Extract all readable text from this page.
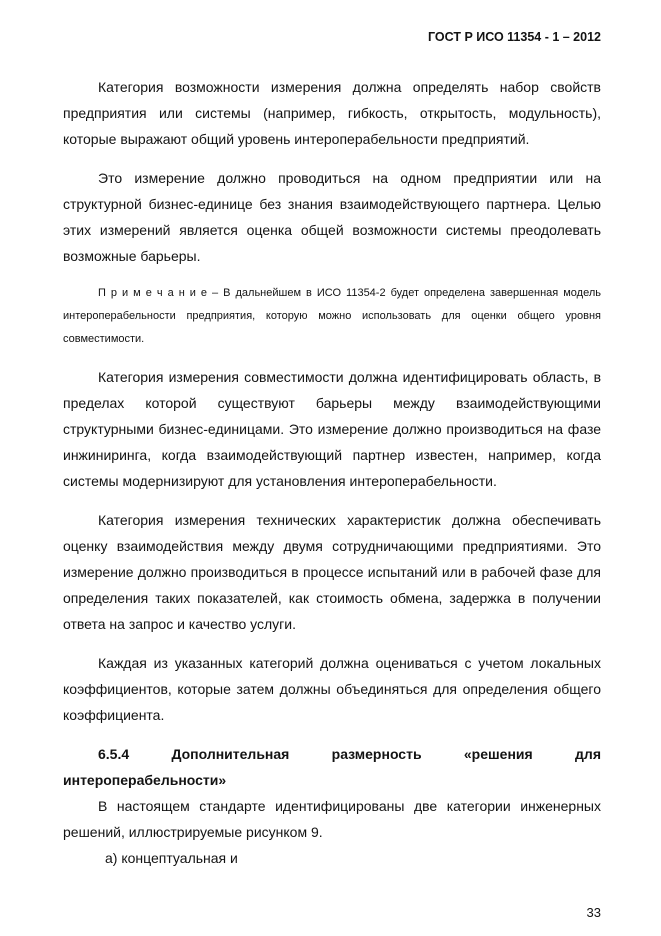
ГОСТ Р ИСО 11354 - 1 – 2012

Категория возможности измерения должна определять набор свойств предприятия или системы (например, гибкость, открытость, модульность), которые выражают общий уровень интероперабельности предприятий.

Это измерение должно проводиться на одном предприятии или на структурной бизнес-единице без знания взаимодействующего партнера. Целью этих измерений является оценка общей возможности системы преодолевать возможные барьеры.

П р и м е ч а н и е – В дальнейшем в ИСО 11354-2 будет определена завершенная модель интероперабельности предприятия, которую можно использовать для оценки общего уровня совместимости.

Категория измерения совместимости должна идентифицировать область, в пределах которой существуют барьеры между взаимодействующими структурными бизнес-единицами. Это измерение должно производиться на фазе инжиниринга, когда взаимодействующий партнер известен, например, когда системы модернизируют для установления интероперабельности.

Категория измерения технических характеристик должна обеспечивать оценку взаимодействия между двумя сотрудничающими предприятиями. Это измерение должно производиться в процессе испытаний или в рабочей фазе для определения таких показателей, как стоимость обмена, задержка в получении ответа на запрос и качество услуги.

Каждая из указанных категорий должна оцениваться с учетом локальных коэффициентов, которые затем должны объединяться для определения общего коэффициента.

6.5.4 Дополнительная размерность «решения для
интероперабельности»

В настоящем стандарте идентифицированы две категории инженерных решений, иллюстрируемые рисунком 9.

а) концептуальная и

33
